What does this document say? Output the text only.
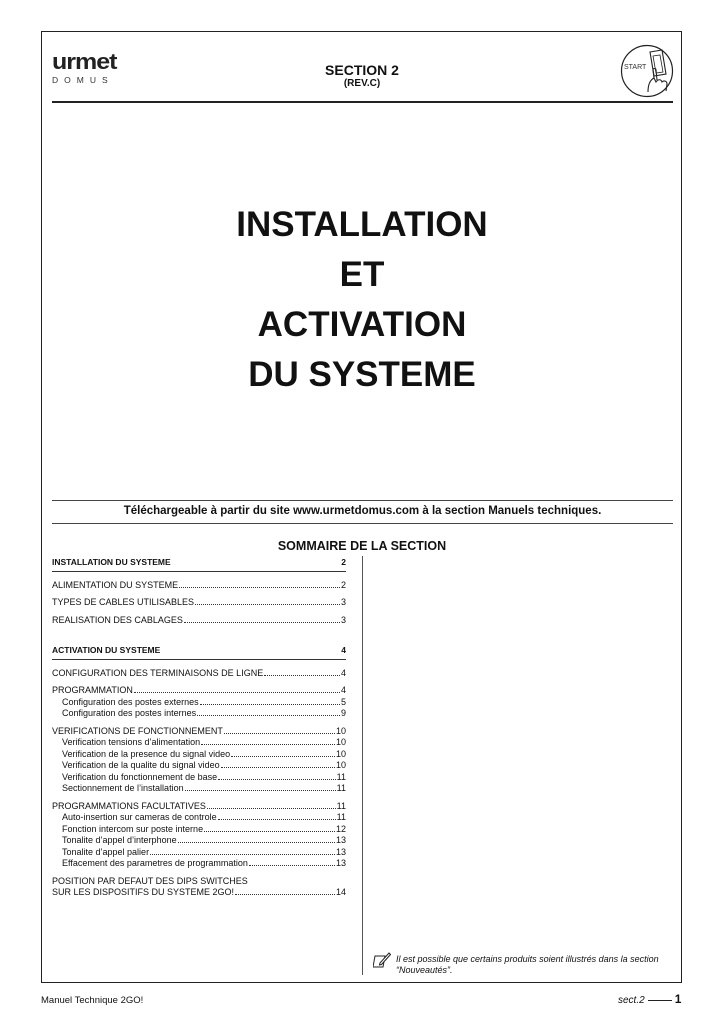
urmet
DOMUS
SECTION 2
(REV.C)
START
INSTALLATION
ET
ACTIVATION
DU SYSTEME
Téléchargeable à partir du site www.urmetdomus.com à la section Manuels techniques.
SOMMAIRE DE LA SECTION
INSTALLATION DU SYSTEME	2
ALIMENTATION DU SYSTEME	2
TYPES DE CABLES UTILISABLES	3
REALISATION DES CABLAGES	3
ACTIVATION DU SYSTEME	4
CONFIGURATION DES TERMINAISONS DE LIGNE	4
PROGRAMMATION	4
Configuration des postes externes	5
Configuration des postes internes	9
VERIFICATIONS DE FONCTIONNEMENT	10
Verification tensions d’alimentation	10
Verification de la presence du signal video	10
Verification de la qualite du signal video	10
Verification du fonctionnement de base	11
Sectionnement de l’installation	11
PROGRAMMATIONS FACULTATIVES	11
Auto-insertion sur cameras de controle	11
Fonction intercom sur poste interne	12
Tonalite d’appel d’interphone	13
Tonalite d’appel palier	13
Effacement des parametres de programmation	13
POSITION PAR DEFAUT DES DIPS SWITCHES
SUR LES DISPOSITIFS DU SYSTEME 2GO!	14
Il est possible que certains produits soient illustrés dans la section “Nouveautés”.
Manuel Technique 2GO!	sect.2	1
